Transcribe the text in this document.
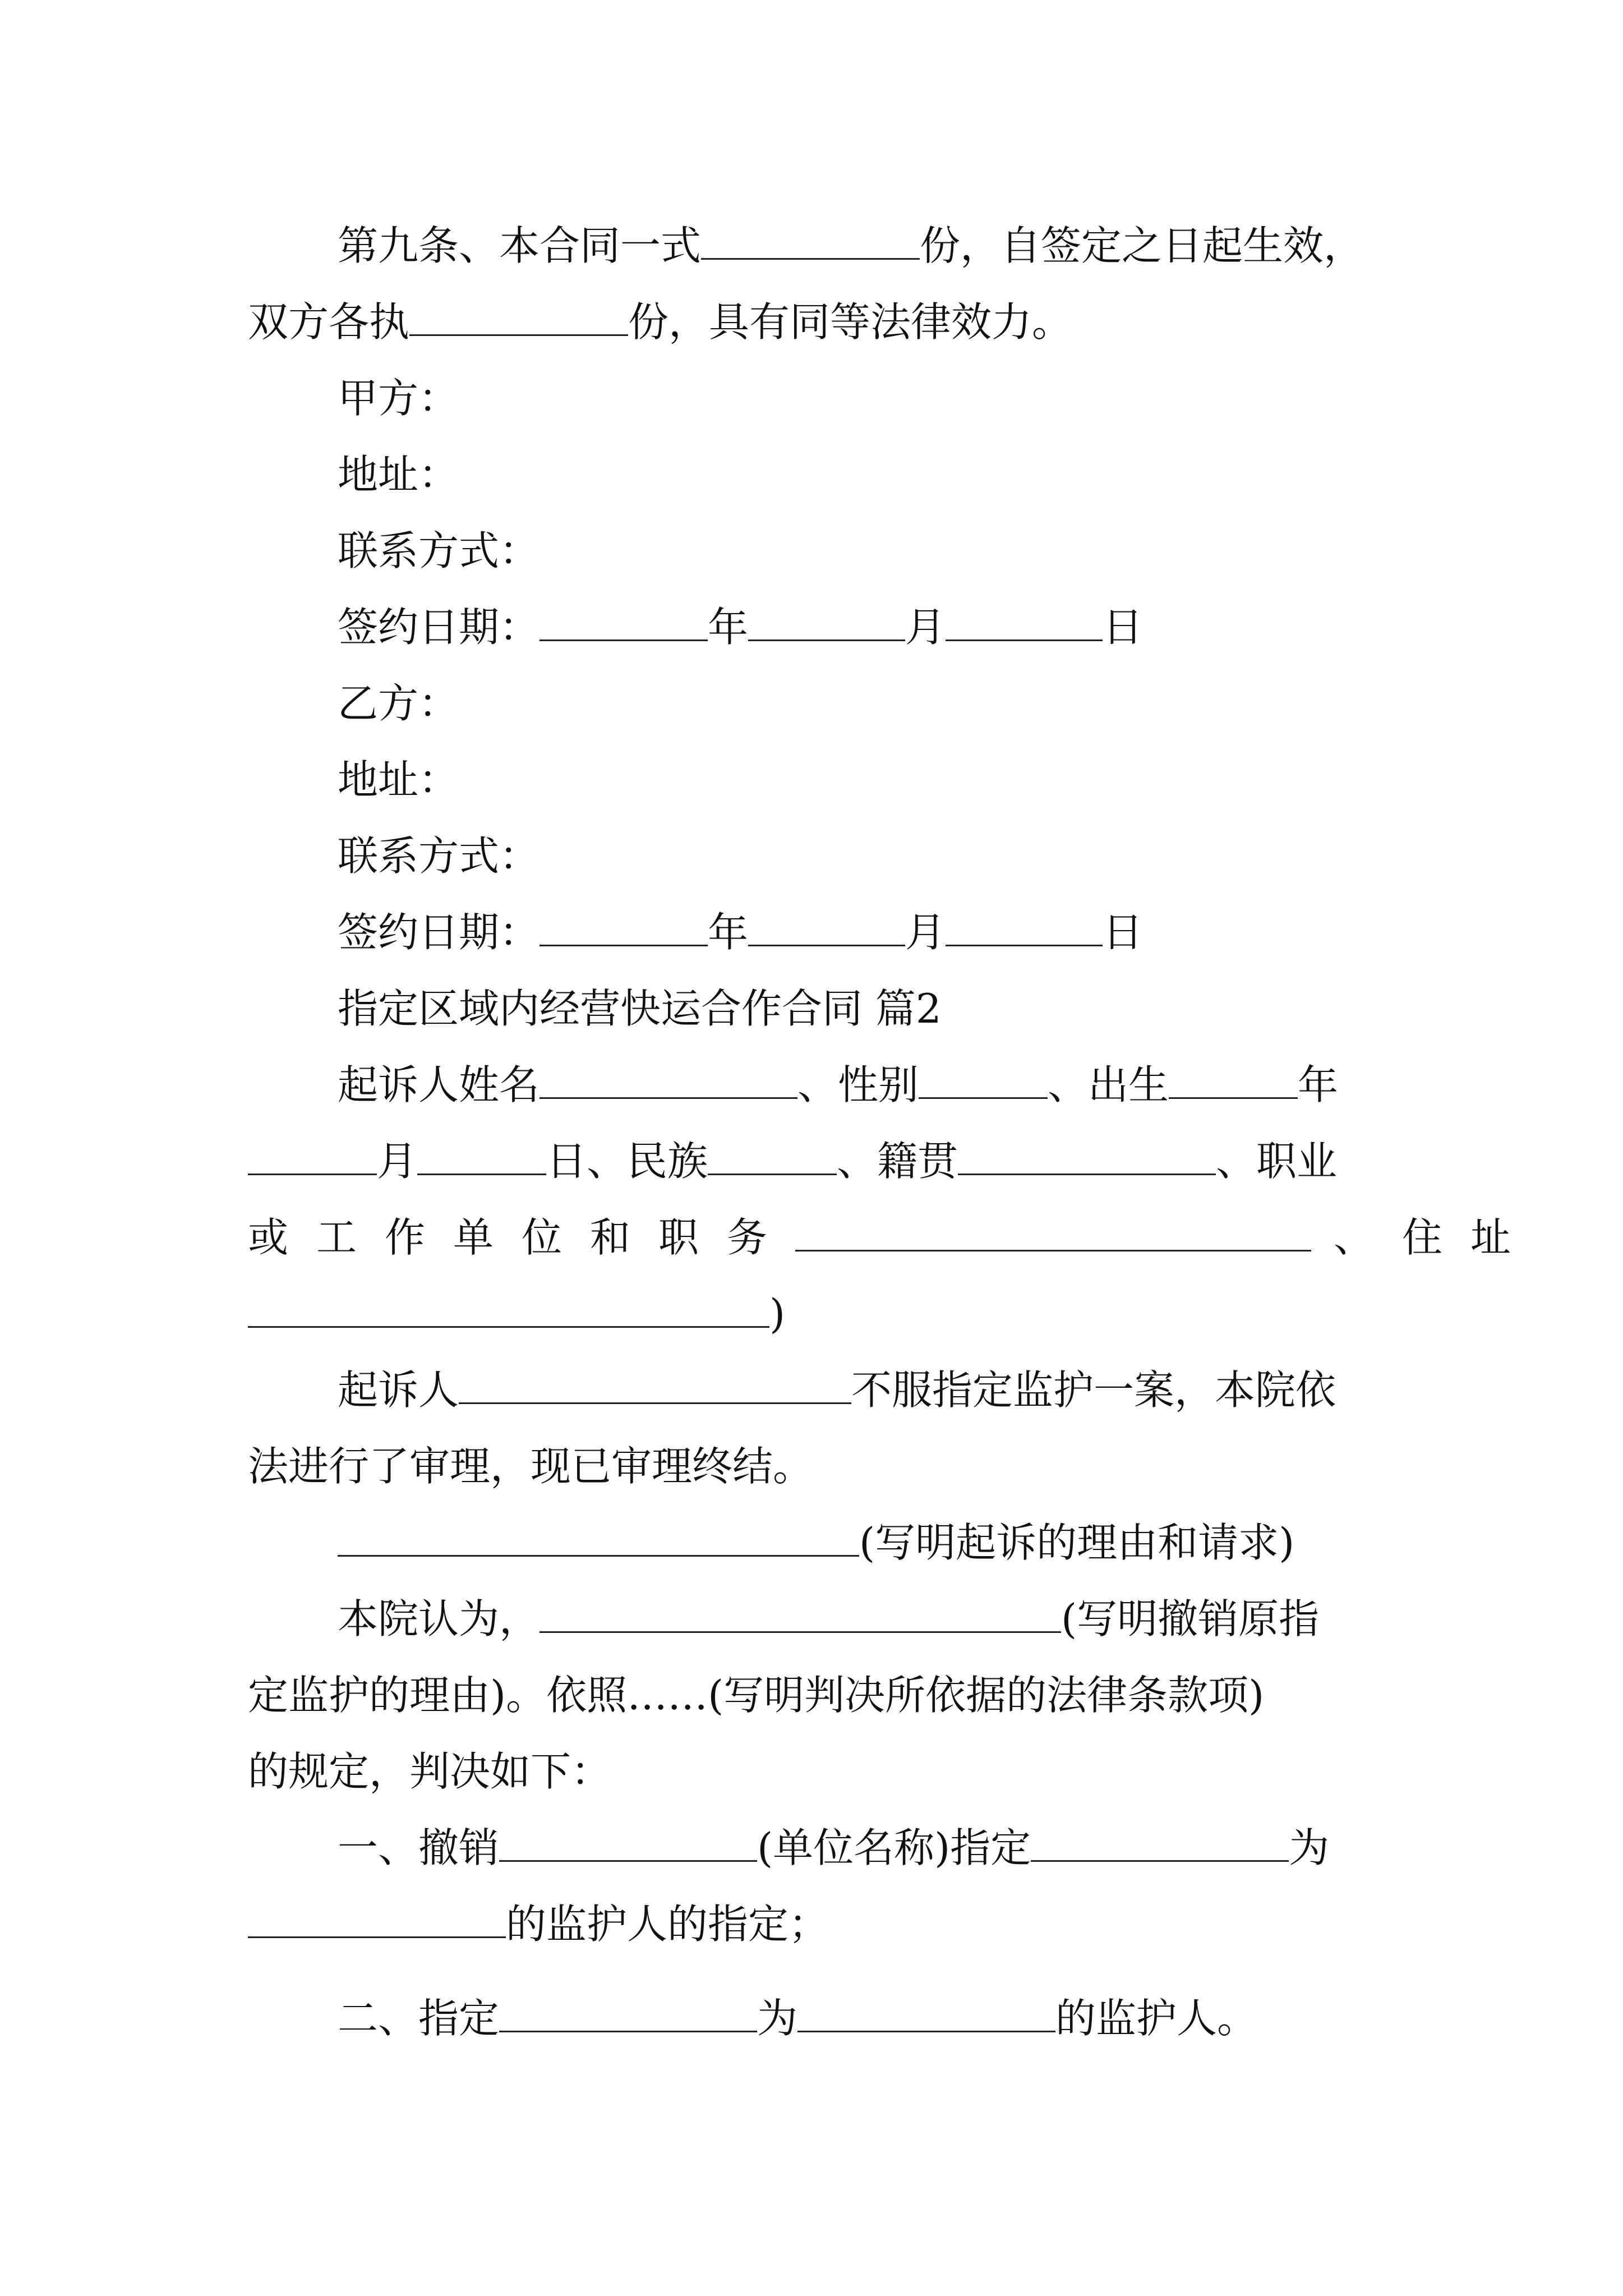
第九条、本合同一式	份，自签定之日起生效，
双方各执	份，具有同等法律效力。
甲方：
地址：
联系方式：
签约日期：	年	月	日
乙方：
地址：
联系方式：
签约日期：	年	月	日
指定区域内经营快运合作合同 篇2
起诉人姓名	、性别	、出生	年
月	日、民族	、籍贯	、职业
或工作单位和职务	、住址
)
起诉人	不服指定监护一案，本院依
法进行了审理，现已审理终结。
(写明起诉的理由和请求)
本院认为，	(写明撤销原指
定监护的理由)。依照……(写明判决所依据的法律条款项)
的规定，判决如下：
一、撤销	(单位名称)指定	为
的监护人的指定；
二、指定	为	的监护人。
